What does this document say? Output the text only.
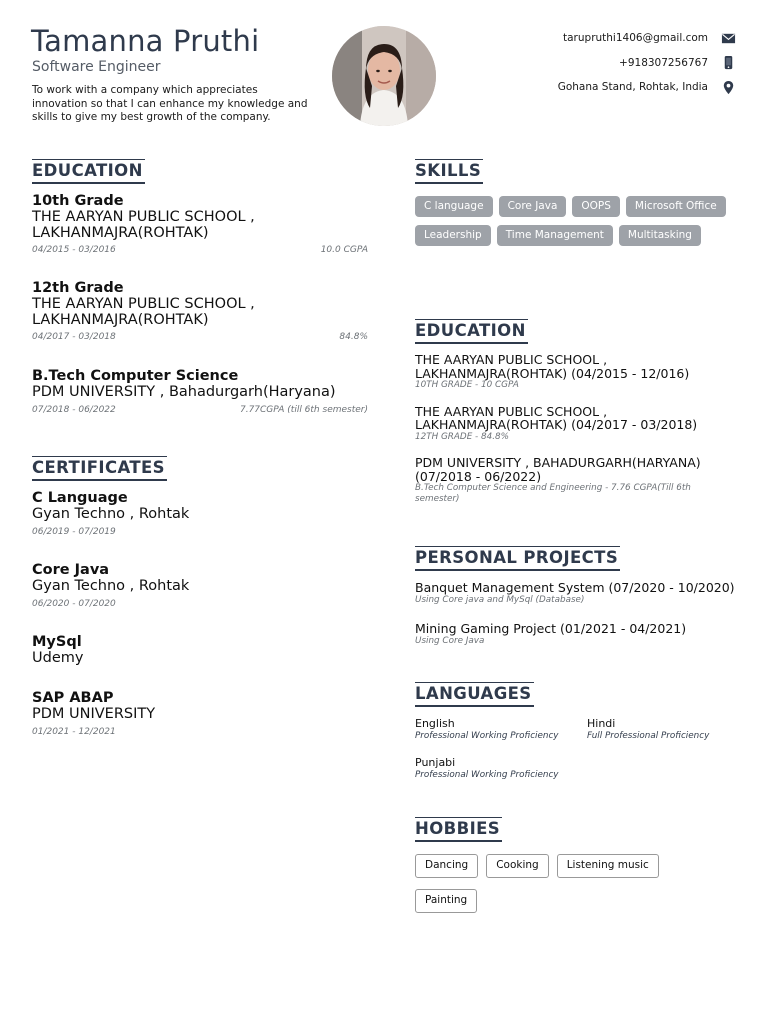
Tamanna Pruthi
Software Engineer
To work with a company which appreciates innovation so that I can enhance my knowledge and skills to give my best growth of the company.
tarupruthi1406@gmail.com
+918307256767
Gohana Stand, Rohtak, India
EDUCATION
10th Grade
THE AARYAN PUBLIC SCHOOL , LAKHANMAJRA(ROHTAK)
04/2015 - 03/2016	10.0 CGPA
12th Grade
THE AARYAN PUBLIC SCHOOL , LAKHANMAJRA(ROHTAK)
04/2017 - 03/2018	84.8%
B.Tech Computer Science
PDM UNIVERSITY , Bahadurgarh(Haryana)
07/2018 - 06/2022	7.77CGPA (till 6th semester)
CERTIFICATES
C Language
Gyan Techno , Rohtak
06/2019 - 07/2019
Core Java
Gyan Techno , Rohtak
06/2020 - 07/2020
MySql
Udemy
SAP ABAP
PDM UNIVERSITY
01/2021 - 12/2021
SKILLS
C language	Core Java	OOPS	Microsoft Office
Leadership	Time Management	Multitasking
EDUCATION
THE AARYAN PUBLIC SCHOOL , LAKHANMAJRA(ROHTAK) (04/2015 - 12/016)
10TH GRADE - 10 CGPA
THE AARYAN PUBLIC SCHOOL , LAKHANMAJRA(ROHTAK) (04/2017 - 03/2018)
12TH GRADE - 84.8%
PDM UNIVERSITY , BAHADURGARH(HARYANA) (07/2018 - 06/2022)
B.Tech Computer Science and Engineering - 7.76 CGPA(Till 6th semester)
PERSONAL PROJECTS
Banquet Management System (07/2020 - 10/2020)
Using Core java and MySql (Database)
Mining Gaming Project (01/2021 - 04/2021)
Using Core Java
LANGUAGES
English
Professional Working Proficiency
Hindi
Full Professional Proficiency
Punjabi
Professional Working Proficiency
HOBBIES
Dancing	Cooking	Listening music
Painting
